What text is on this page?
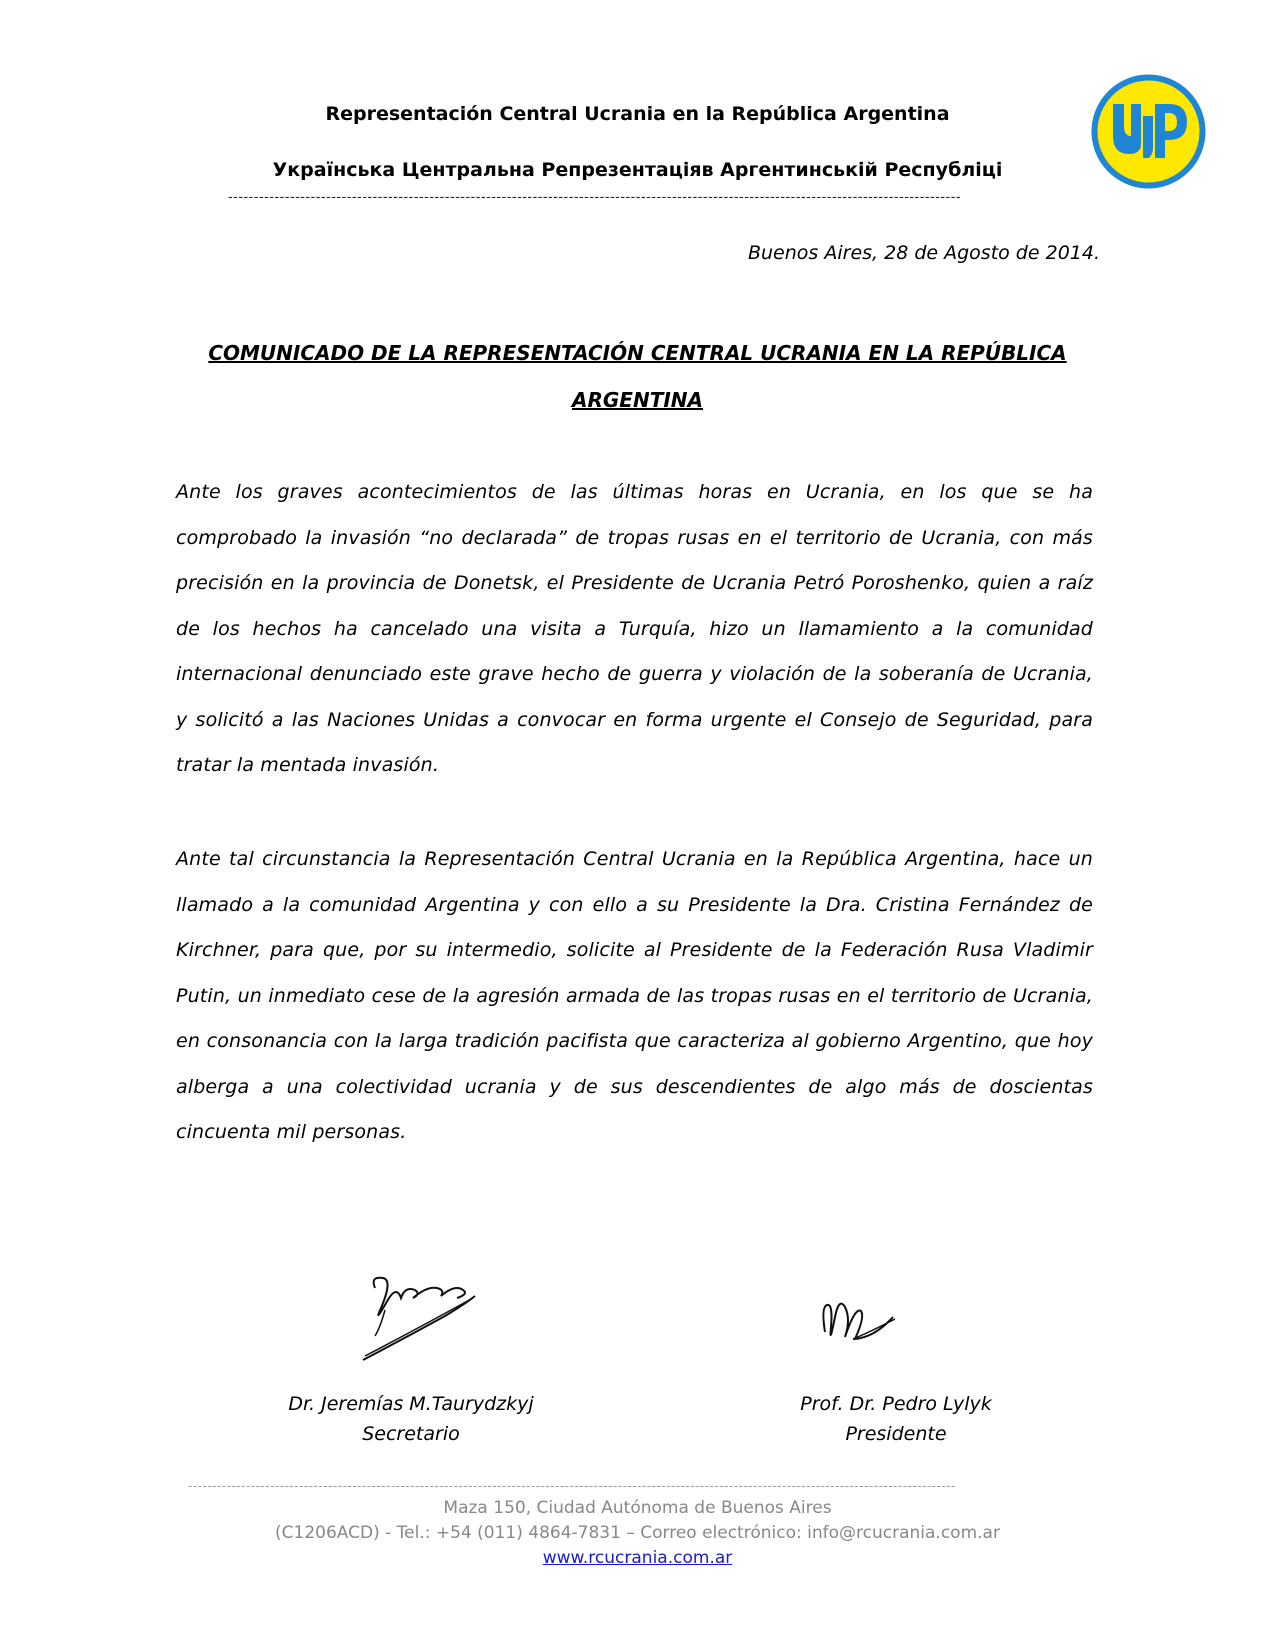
Representación Central Ucrania en la República Argentina
Українська Центральна Репрезентаціяв Аргентинській Республіці
----------------------------------------------------------------------------------------------------------------------------------------------
Buenos Aires, 28 de Agosto de 2014.
COMUNICADO DE LA REPRESENTACIÓN CENTRAL UCRANIA EN LA REPÚBLICA
ARGENTINA
Ante los graves acontecimientos de las últimas horas en Ucrania, en los que se ha comprobado la invasión “no declarada” de tropas rusas en el territorio de Ucrania, con más precisión en la provincia de Donetsk, el Presidente de Ucrania Petró Poroshenko, quien a raíz de los hechos ha cancelado una visita a Turquía, hizo un llamamiento a la comunidad internacional denunciado este grave hecho de guerra y violación de la soberanía de Ucrania, y solicitó a las Naciones Unidas a convocar en forma urgente el Consejo de Seguridad, para tratar la mentada invasión.
Ante tal circunstancia la Representación Central Ucrania en la República Argentina, hace un llamado a la comunidad Argentina y con ello a su Presidente la Dra. Cristina Fernández de Kirchner, para que, por su intermedio, solicite al Presidente de la Federación Rusa Vladimir Putin, un inmediato cese de la agresión armada de las tropas rusas en el territorio de Ucrania, en consonancia con la larga tradición pacifista que caracteriza al gobierno Argentino, que hoy alberga a una colectividad ucrania y de sus descendientes de algo más de doscientas cincuenta mil personas.
Dr. Jeremías M.Taurydzkyj
Secretario
Prof. Dr. Pedro Lylyk
Presidente
---------------------------------------------------------------------------------------------------------------------------------------------------------------
Maza 150, Ciudad Autónoma de Buenos Aires
(C1206ACD) - Tel.: +54 (011) 4864-7831 – Correo electrónico: info@rcucrania.com.ar
www.rcucrania.com.ar
